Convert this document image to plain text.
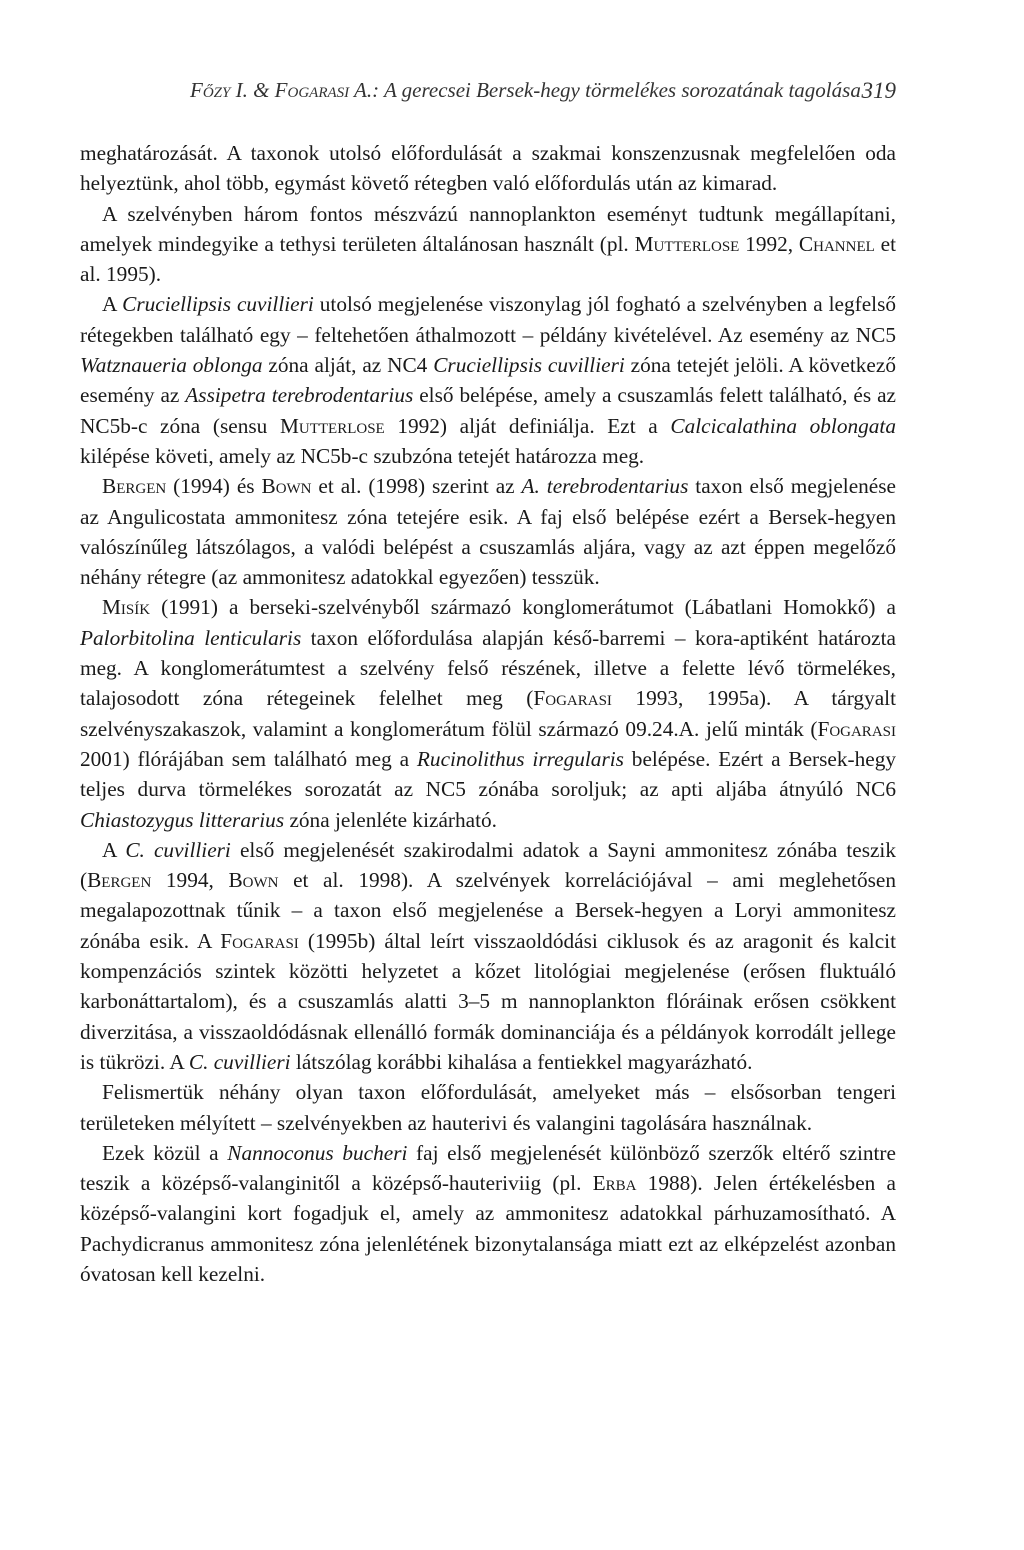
Főzy I. & Fogarasi A.: A gerecsei Bersek-hegy törmelékes sorozatának tagolása 319

meghatározását. A taxonok utolsó előfordulását a szakmai konszenzusnak megfelelően oda helyeztünk, ahol több, egymást követő rétegben való előfordulás után az kimarad.

A szelvényben három fontos mészvázú nannoplankton eseményt tudtunk megállapítani, amelyek mindegyike a tethysi területen általánosan használt (pl. Mutterlose 1992, Channel et al. 1995).

A Cruciellipsis cuvillieri utolsó megjelenése viszonylag jól fogható a szelvényben a legfelső rétegekben található egy – feltehetően áthalmozott – példány kivételével. Az esemény az NC5 Watznaueria oblonga zóna alját, az NC4 Cruciellipsis cuvillieri zóna tetejét jelöli. A következő esemény az Assipetra terebrodentarius első belépése, amely a csuszamlás felett található, és az NC5b-c zóna (sensu Mutterlose 1992) alját definiálja. Ezt a Calcicalathina oblongata kilépése követi, amely az NC5b-c szubzóna tetejét határozza meg.

Bergen (1994) és Bown et al. (1998) szerint az A. terebrodentarius taxon első megjelenése az Angulicostata ammonitesz zóna tetejére esik. A faj első belépése ezért a Bersek-hegyen valószínűleg látszólagos, a valódi belépést a csuszamlás aljára, vagy az azt éppen megelőző néhány rétegre (az ammonitesz adatokkal egyezően) tesszük.

Misík (1991) a berseki-szelvényből származó konglomerátumot (Lábatlani Homokkő) a Palorbitolina lenticularis taxon előfordulása alapján késő-barremi – kora-aptiként határozta meg. A konglomerátumtest a szelvény felső részének, illetve a felette lévő törmelékes, talajosodott zóna rétegeinek felelhet meg (Fogarasi 1993, 1995a). A tárgyalt szelvényszakaszok, valamint a konglomerátum fölül származó 09.24.A. jelű minták (Fogarasi 2001) flórájában sem található meg a Rucinolithus irregularis belépése. Ezért a Bersek-hegy teljes durva törmelékes sorozatát az NC5 zónába soroljuk; az apti aljába átnyúló NC6 Chiastozygus litterarius zóna jelenléte kizárható.

A C. cuvillieri első megjelenését szakirodalmi adatok a Sayni ammonitesz zónába teszik (Bergen 1994, Bown et al. 1998). A szelvények korrelációjával – ami meglehetősen megalapozottnak tűnik – a taxon első megjelenése a Bersek-hegyen a Loryi ammonitesz zónába esik. A Fogarasi (1995b) által leírt visszaoldódási ciklusok és az aragonit és kalcit kompenzációs szintek közötti helyzetet a kőzet litológiai megjelenése (erősen fluktuáló karbonáttartalom), és a csuszamlás alatti 3–5 m nannoplankton flóráinak erősen csökkent diverzitása, a visszaoldódásnak ellenálló formák dominanciája és a példányok korrodált jellege is tükrözi. A C. cuvillieri látszólag korábbi kihalása a fentiekkel magyarázható.

Felismertük néhány olyan taxon előfordulását, amelyeket más – elsősorban tengeri területeken mélyített – szelvényekben az hauterivi és valangini tagolására használnak.

Ezek közül a Nannoconus bucheri faj első megjelenését különböző szerzők eltérő szintre teszik a középső-valanginitől a középső-hauteriviig (pl. Erba 1988). Jelen értékelésben a középső-valangini kort fogadjuk el, amely az ammonitesz adatokkal párhuzamosítható. A Pachydicranus ammonitesz zóna jelenlétének bizonytalansága miatt ezt az elképzelést azonban óvatosan kell kezelni.
